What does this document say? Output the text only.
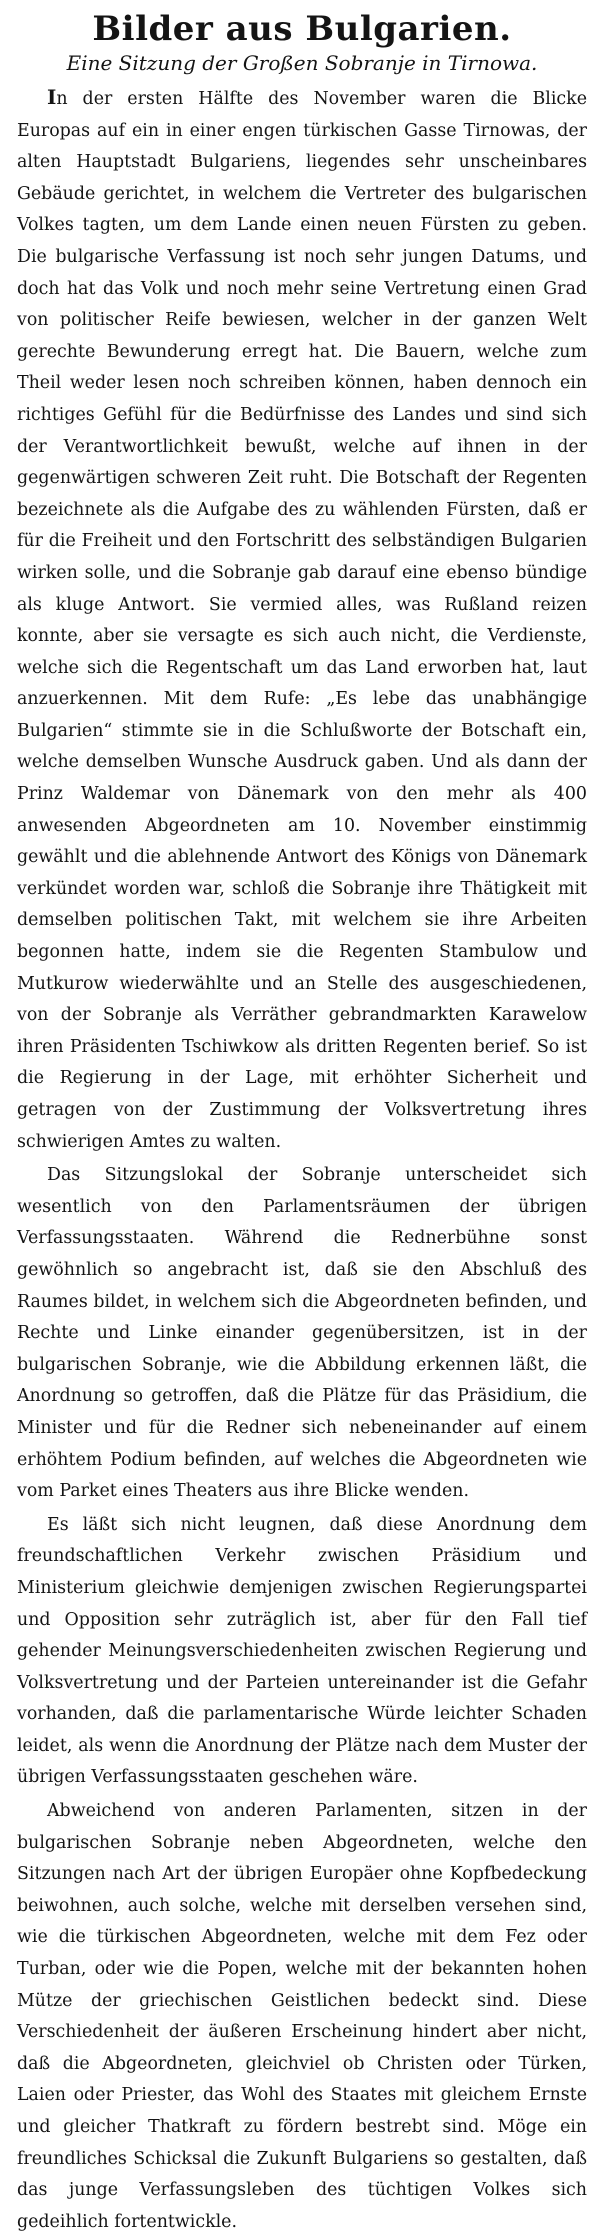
Bilder aus Bulgarien.
Eine Sitzung der Großen Sobranje in Tirnowa.

In der ersten Hälfte des November waren die Blicke Europas auf ein in einer engen türkischen Gasse Tirnowas, der alten Hauptstadt Bulgariens, liegendes sehr unscheinbares Gebäude gerichtet, in welchem die Vertreter des bulgarischen Volkes tagten, um dem Lande einen neuen Fürsten zu geben. Die bulgarische Verfassung ist noch sehr jungen Datums, und doch hat das Volk und noch mehr seine Vertretung einen Grad von politischer Reife bewiesen, welcher in der ganzen Welt gerechte Bewunderung erregt hat. Die Bauern, welche zum Theil weder lesen noch schreiben können, haben dennoch ein richtiges Gefühl für die Bedürfnisse des Landes und sind sich der Verantwortlichkeit bewußt, welche auf ihnen in der gegenwärtigen schweren Zeit ruht. Die Botschaft der Regenten bezeichnete als die Aufgabe des zu wählenden Fürsten, daß er für die Freiheit und den Fortschritt des selbständigen Bulgarien wirken solle, und die Sobranje gab darauf eine ebenso bündige als kluge Antwort. Sie vermied alles, was Rußland reizen konnte, aber sie versagte es sich auch nicht, die Verdienste, welche sich die Regentschaft um das Land erworben hat, laut anzuerkennen. Mit dem Rufe: „Es lebe das unabhängige Bulgarien“ stimmte sie in die Schlußworte der Botschaft ein, welche demselben Wunsche Ausdruck gaben. Und als dann der Prinz Waldemar von Dänemark von den mehr als 400 anwesenden Abgeordneten am 10. November einstimmig gewählt und die ablehnende Antwort des Königs von Dänemark verkündet worden war, schloß die Sobranje ihre Thätigkeit mit demselben politischen Takt, mit welchem sie ihre Arbeiten begonnen hatte, indem sie die Regenten Stambulow und Mutkurow wiederwählte und an Stelle des ausgeschiedenen, von der Sobranje als Verräther gebrandmarkten Karawelow ihren Präsidenten Tschiwkow als dritten Regenten berief. So ist die Regierung in der Lage, mit erhöhter Sicherheit und getragen von der Zustimmung der Volksvertretung ihres schwierigen Amtes zu walten.

Das Sitzungslokal der Sobranje unterscheidet sich wesentlich von den Parlamentsräumen der übrigen Verfassungsstaaten. Während die Rednerbühne sonst gewöhnlich so angebracht ist, daß sie den Abschluß des Raumes bildet, in welchem sich die Abgeordneten befinden, und Rechte und Linke einander gegenübersitzen, ist in der bulgarischen Sobranje, wie die Abbildung erkennen läßt, die Anordnung so getroffen, daß die Plätze für das Präsidium, die Minister und für die Redner sich nebeneinander auf einem erhöhtem Podium befinden, auf welches die Abgeordneten wie vom Parket eines Theaters aus ihre Blicke wenden.

Es läßt sich nicht leugnen, daß diese Anordnung dem freundschaftlichen Verkehr zwischen Präsidium und Ministerium gleichwie demjenigen zwischen Regierungspartei und Opposition sehr zuträglich ist, aber für den Fall tief gehender Meinungsverschiedenheiten zwischen Regierung und Volksvertretung und der Parteien untereinander ist die Gefahr vorhanden, daß die parlamentarische Würde leichter Schaden leidet, als wenn die Anordnung der Plätze nach dem Muster der übrigen Verfassungsstaaten geschehen wäre.

Abweichend von anderen Parlamenten, sitzen in der bulgarischen Sobranje neben Abgeordneten, welche den Sitzungen nach Art der übrigen Europäer ohne Kopfbedeckung beiwohnen, auch solche, welche mit derselben versehen sind, wie die türkischen Abgeordneten, welche mit dem Fez oder Turban, oder wie die Popen, welche mit der bekannten hohen Mütze der griechischen Geistlichen bedeckt sind. Diese Verschiedenheit der äußeren Erscheinung hindert aber nicht, daß die Abgeordneten, gleichviel ob Christen oder Türken, Laien oder Priester, das Wohl des Staates mit gleichem Ernste und gleicher Thatkraft zu fördern bestrebt sind. Möge ein freundliches Schicksal die Zukunft Bulgariens so gestalten, daß das junge Verfassungsleben des tüchtigen Volkes sich gedeihlich fortentwickle.
